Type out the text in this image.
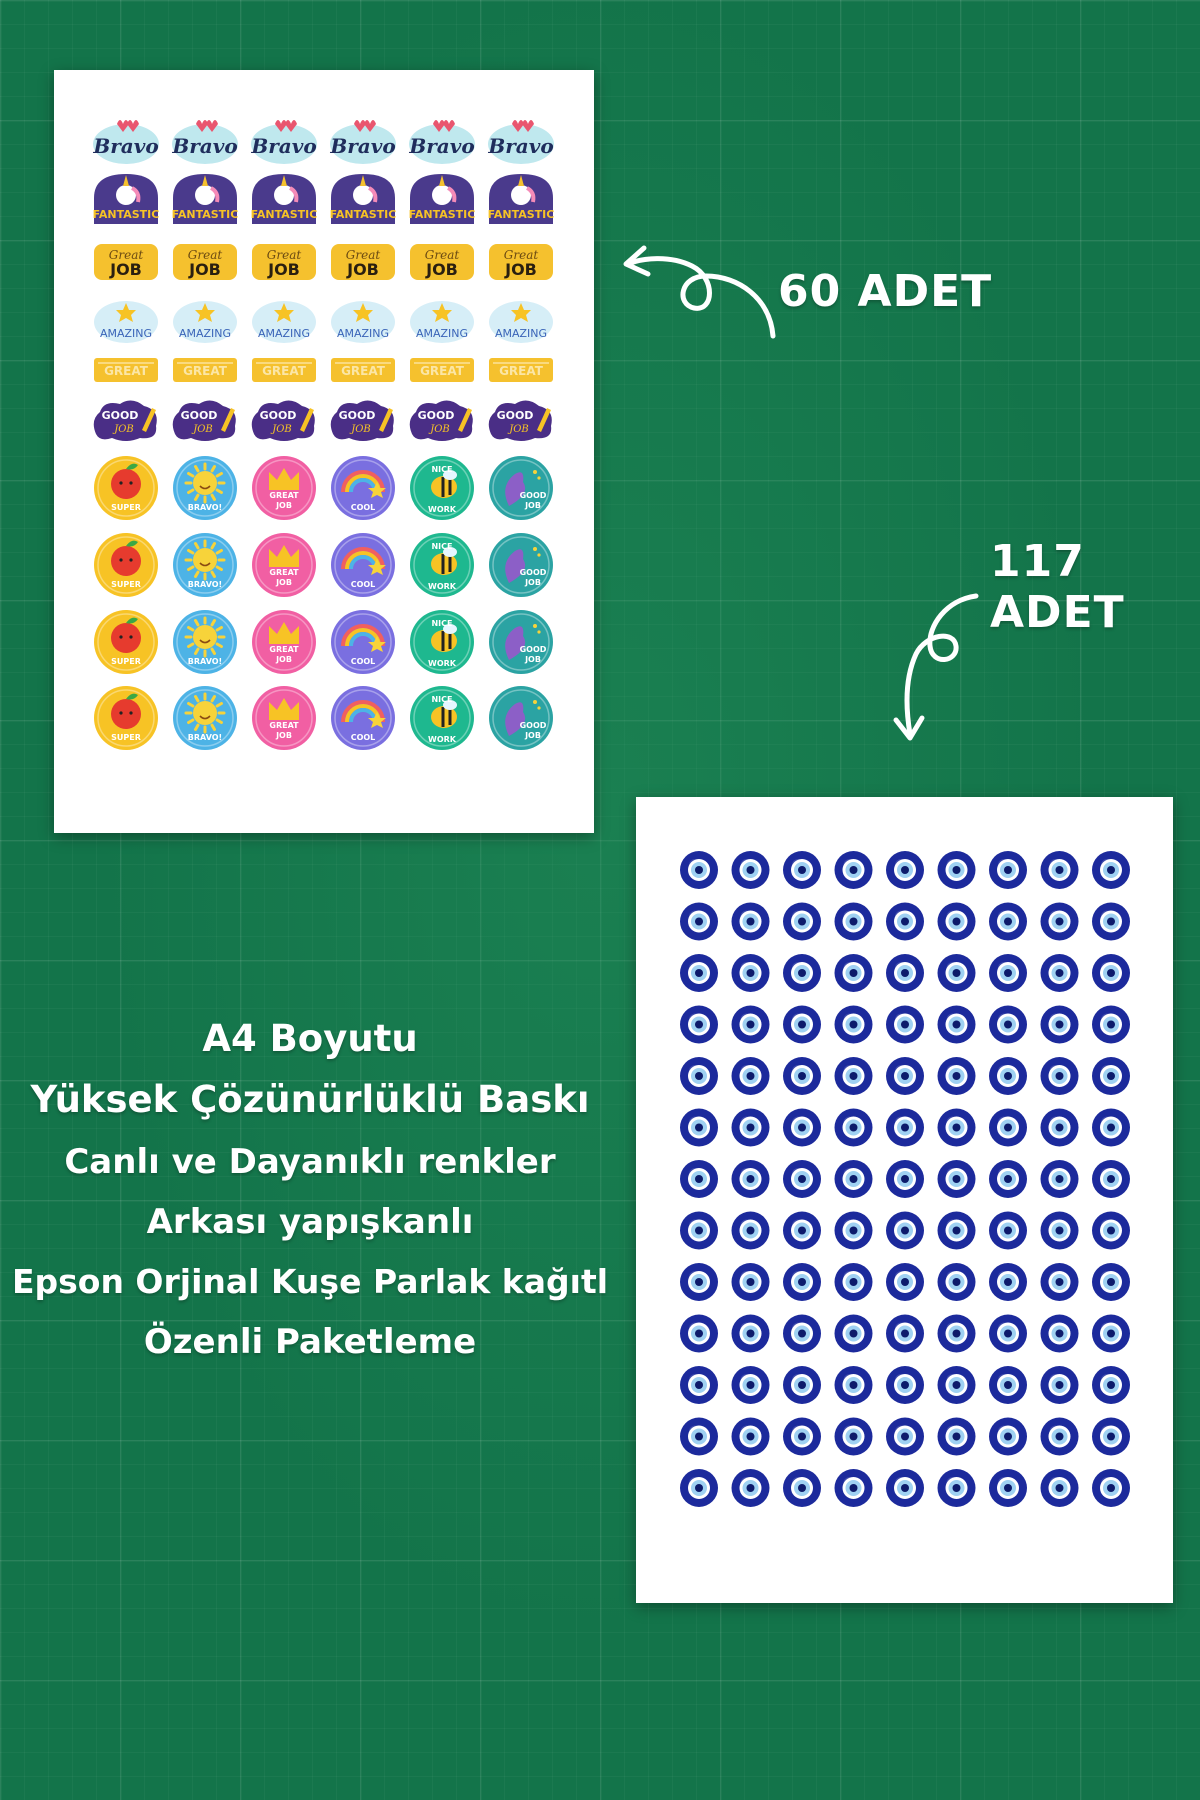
Bravo Bravo Bravo Bravo Bravo Bravo
FANTASTIC FANTASTIC FANTASTIC FANTASTIC FANTASTIC FANTASTIC
Great
JOB
Great
JOB
Great
JOB
Great
JOB
Great
JOB
Great
JOB
AMAZING AMAZING AMAZING AMAZING AMAZING AMAZING
GREAT	GREAT	GREAT	GREAT	GREAT	GREAT
GOOD
JOB
GOOD
JOB
GOOD
JOB
GOOD
JOB
GOOD
JOB
GOOD
JOB
SUPER	BRAVO!
GREAT
JOB	COOL
NICE
WORK
GOOD
JOB
SUPER	BRAVO!
GREAT
JOB	COOL
NICE
WORK
GOOD
JOB
SUPER	BRAVO!
GREAT
JOB	COOL
NICE
WORK
GOOD
JOB
SUPER	BRAVO!
GREAT
JOB	COOL
NICE
WORK
GOOD
JOB
60 ADET
117 ADET
A4 Boyutu
Yüksek Çözünürlüklü Baskı
Canlı ve Dayanıklı renkler
Arkası yapışkanlı
Epson Orjinal Kuşe Parlak kağıtl
Özenli Paketleme
